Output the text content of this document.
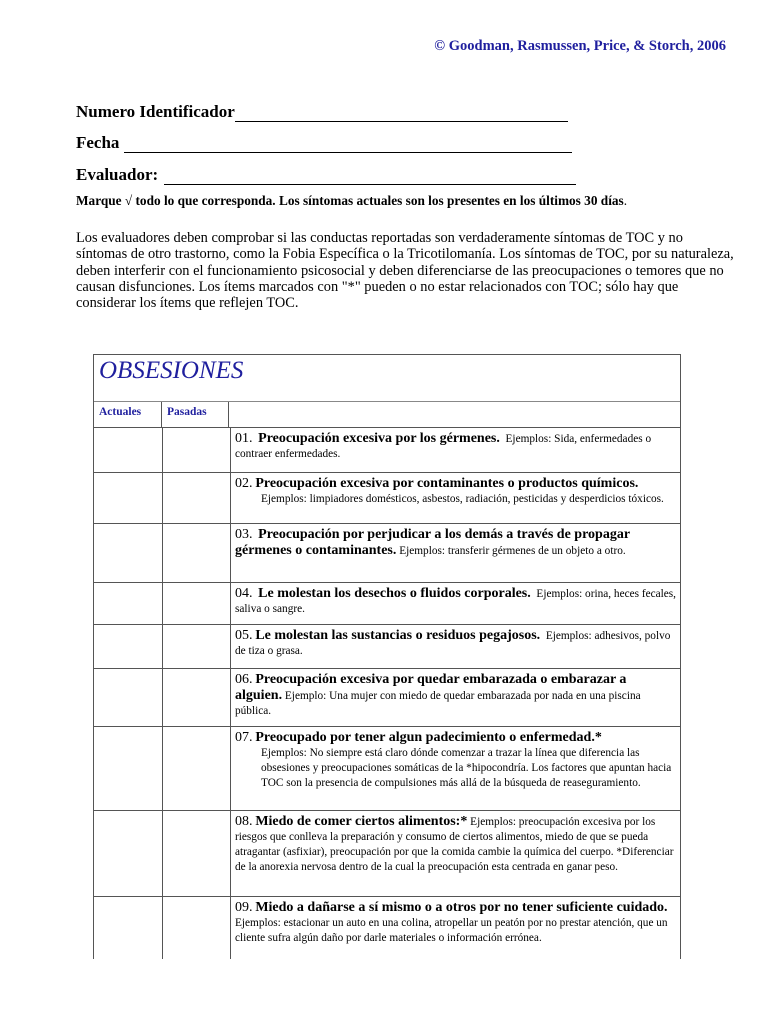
© Goodman, Rasmussen, Price, & Storch, 2006
Numero Identificador
Fecha
Evaluador:
Marque √ todo lo que corresponda. Los síntomas actuales son los presentes en los últimos 30 días.

Los evaluadores deben comprobar si las conductas reportadas son verdaderamente síntomas de TOC y no síntomas de otro trastorno, como la Fobia Específica o la Tricotilomanía. Los síntomas de TOC, por su naturaleza, deben interferir con el funcionamiento psicosocial y deben diferenciarse de las preocupaciones o temores que no causan disfunciones. Los ítems marcados con "*" pueden o no estar relacionados con TOC; sólo hay que considerar los ítems que reflejen TOC.

OBSESIONES
Actuales	Pasadas
01. Preocupación excesiva por los gérmenes. Ejemplos: Sida, enfermedades o contraer enfermedades.
02. Preocupación excesiva por contaminantes o productos químicos.
Ejemplos: limpiadores domésticos, asbestos, radiación, pesticidas y desperdicios tóxicos.
03. Preocupación por perjudicar a los demás a través de propagar gérmenes o contaminantes. Ejemplos: transferir gérmenes de un objeto a otro.
04. Le molestan los desechos o fluidos corporales. Ejemplos: orina, heces fecales, saliva o sangre.
05. Le molestan las sustancias o residuos pegajosos. Ejemplos: adhesivos, polvo de tiza o grasa.
06. Preocupación excesiva por quedar embarazada o embarazar a alguien. Ejemplo: Una mujer con miedo de quedar embarazada por nada en una piscina pública.
07. Preocupado por tener algun padecimiento o enfermedad.*
Ejemplos: No siempre está claro dónde comenzar a trazar la línea que diferencia las obsesiones y preocupaciones somáticas de la *hipocondría. Los factores que apuntan hacia TOC son la presencia de compulsiones más allá de la búsqueda de reaseguramiento.
08. Miedo de comer ciertos alimentos:* Ejemplos: preocupación excesiva por los riesgos que conlleva la preparación y consumo de ciertos alimentos, miedo de que se pueda atragantar (asfixiar), preocupación por que la comida cambie la química del cuerpo. *Diferenciar de la anorexia nervosa dentro de la cual la preocupación esta centrada en ganar peso.
09. Miedo a dañarse a sí mismo o a otros por no tener suficiente cuidado.  Ejemplos: estacionar un auto en una colina, atropellar un peatón por no prestar atención, que un cliente sufra algún daño por darle materiales o información errónea.
